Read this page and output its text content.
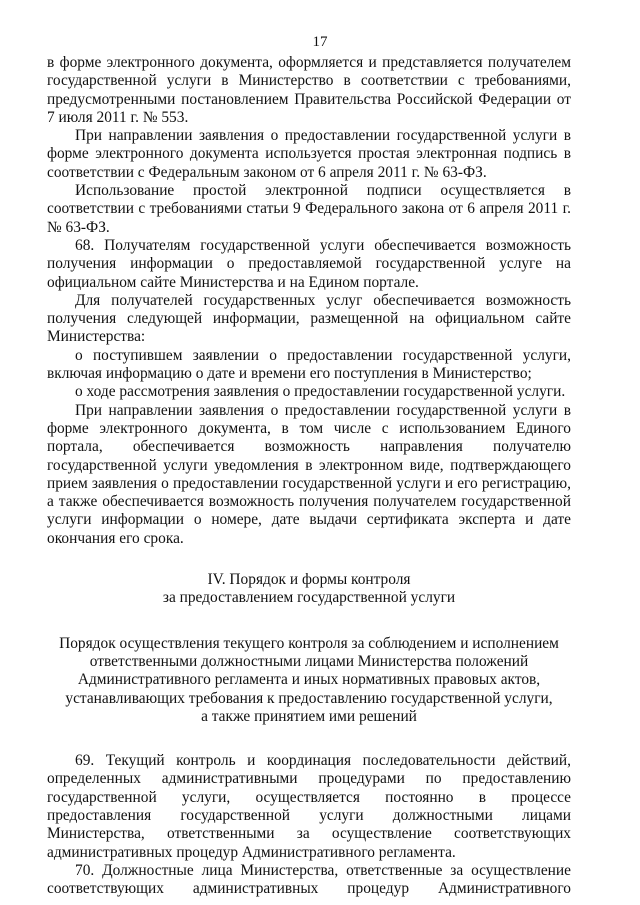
17

в форме электронного документа, оформляется и представляется получателем государственной услуги в Министерство в соответствии с требованиями, предусмотренными постановлением Правительства Российской Федерации от 7 июля 2011 г. № 553.

При направлении заявления о предоставлении государственной услуги в форме электронного документа используется простая электронная подпись в соответствии с Федеральным законом от 6 апреля 2011 г. № 63-ФЗ.

Использование простой электронной подписи осуществляется в соответствии с требованиями статьи 9 Федерального закона от 6 апреля 2011 г. № 63-ФЗ.

68. Получателям государственной услуги обеспечивается возможность получения информации о предоставляемой государственной услуге на официальном сайте Министерства и на Едином портале.

Для получателей государственных услуг обеспечивается возможность получения следующей информации, размещенной на официальном сайте Министерства:

о поступившем заявлении о предоставлении государственной услуги, включая информацию о дате и времени его поступления в Министерство;

о ходе рассмотрения заявления о предоставлении государственной услуги.

При направлении заявления о предоставлении государственной услуги в форме электронного документа, в том числе с использованием Единого портала, обеспечивается возможность направления получателю государственной услуги уведомления в электронном виде, подтверждающего прием заявления о предоставлении государственной услуги и его регистрацию, а также обеспечивается возможность получения получателем государственной услуги информации о номере, дате выдачи сертификата эксперта и дате окончания его срока.

IV. Порядок и формы контроля

за предоставлением государственной услуги

Порядок осуществления текущего контроля за соблюдением и исполнением

ответственными должностными лицами Министерства положений

Административного регламента и иных нормативных правовых актов,

устанавливающих требования к предоставлению государственной услуги,

а также принятием ими решений

69. Текущий контроль и координация последовательности действий, определенных административными процедурами по предоставлению государственной услуги, осуществляется постоянно в процессе предоставления государственной услуги должностными лицами Министерства, ответственными за осуществление соответствующих административных процедур Административного регламента.

70. Должностные лица Министерства, ответственные за осуществление соответствующих административных процедур Административного
